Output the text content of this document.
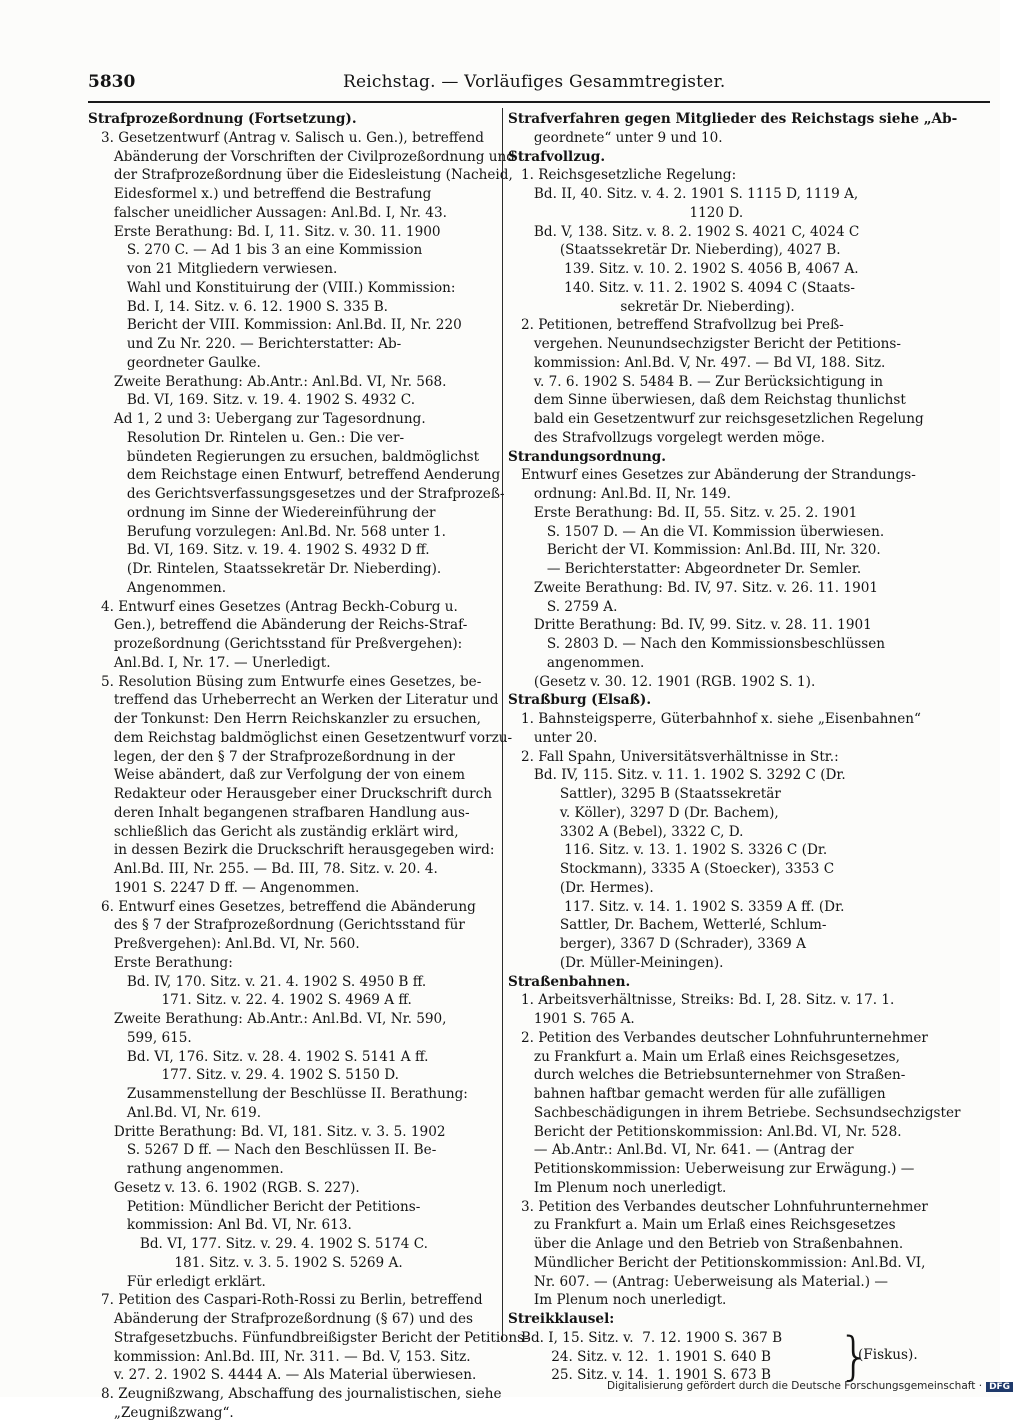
5830	Reichstag. — Vorläufiges Gesammtregister.
Strafprozeßordnung (Fortsetzung).
3. Gesetzentwurf (Antrag v. Salisch u. Gen.), betreffend
Abänderung der Vorschriften der Civilprozeßordnung und
der Strafprozeßordnung über die Eidesleistung (Nacheid,
Eidesformel x.) und betreffend die Bestrafung
falscher uneidlicher Aussagen: Anl.Bd. I, Nr. 43.
Erste Berathung: Bd. I, 11. Sitz. v. 30. 11. 1900
S. 270 C. — Ad 1 bis 3 an eine Kommission
von 21 Mitgliedern verwiesen.
Wahl und Konstituirung der (VIII.) Kommission:
Bd. I, 14. Sitz. v. 6. 12. 1900 S. 335 B.
Bericht der VIII. Kommission: Anl.Bd. II, Nr. 220
und Zu Nr. 220. — Berichterstatter: Ab-
geordneter Gaulke.
Zweite Berathung: Ab.Antr.: Anl.Bd. VI, Nr. 568.
Bd. VI, 169. Sitz. v. 19. 4. 1902 S. 4932 C.
Ad 1, 2 und 3: Uebergang zur Tagesordnung.
Resolution Dr. Rintelen u. Gen.: Die ver-
bündeten Regierungen zu ersuchen, baldmöglichst
dem Reichstage einen Entwurf, betreffend Aenderung
des Gerichtsverfassungsgesetzes und der Strafprozeß-
ordnung im Sinne der Wiedereinführung der
Berufung vorzulegen: Anl.Bd. Nr. 568 unter 1.
Bd. VI, 169. Sitz. v. 19. 4. 1902 S. 4932 D ff.
(Dr. Rintelen, Staatssekretär Dr. Nieberding).
Angenommen.
4. Entwurf eines Gesetzes (Antrag Beckh-Coburg u.
Gen.), betreffend die Abänderung der Reichs-Straf-
prozeßordnung (Gerichtsstand für Preßvergehen):
Anl.Bd. I, Nr. 17. — Unerledigt.
5. Resolution Büsing zum Entwurfe eines Gesetzes, be-
treffend das Urheberrecht an Werken der Literatur und
der Tonkunst: Den Herrn Reichskanzler zu ersuchen,
dem Reichstag baldmöglichst einen Gesetzentwurf vorzu-
legen, der den § 7 der Strafprozeßordnung in der
Weise abändert, daß zur Verfolgung der von einem
Redakteur oder Herausgeber einer Druckschrift durch
deren Inhalt begangenen strafbaren Handlung aus-
schließlich das Gericht als zuständig erklärt wird,
in dessen Bezirk die Druckschrift herausgegeben wird:
Anl.Bd. III, Nr. 255. — Bd. III, 78. Sitz. v. 20. 4.
1901 S. 2247 D ff. — Angenommen.
6. Entwurf eines Gesetzes, betreffend die Abänderung
des § 7 der Strafprozeßordnung (Gerichtsstand für
Preßvergehen): Anl.Bd. VI, Nr. 560.
Erste Berathung:
Bd. IV, 170. Sitz. v. 21. 4. 1902 S. 4950 B ff.
171. Sitz. v. 22. 4. 1902 S. 4969 A ff.
Zweite Berathung: Ab.Antr.: Anl.Bd. VI, Nr. 590,
599, 615.
Bd. VI, 176. Sitz. v. 28. 4. 1902 S. 5141 A ff.
177. Sitz. v. 29. 4. 1902 S. 5150 D.
Zusammenstellung der Beschlüsse II. Berathung:
Anl.Bd. VI, Nr. 619.
Dritte Berathung: Bd. VI, 181. Sitz. v. 3. 5. 1902
S. 5267 D ff. — Nach den Beschlüssen II. Be-
rathung angenommen.
Gesetz v. 13. 6. 1902 (RGB. S. 227).
Petition: Mündlicher Bericht der Petitions-
kommission: Anl Bd. VI, Nr. 613.
Bd. VI, 177. Sitz. v. 29. 4. 1902 S. 5174 C.
181. Sitz. v. 3. 5. 1902 S. 5269 A.
Für erledigt erklärt.
7. Petition des Caspari-Roth-Rossi zu Berlin, betreffend
Abänderung der Strafprozeßordnung (§ 67) und des
Strafgesetzbuchs. Fünfundbreißigster Bericht der Petitions-
kommission: Anl.Bd. III, Nr. 311. — Bd. V, 153. Sitz.
v. 27. 2. 1902 S. 4444 A. — Als Material überwiesen.
8. Zeugnißzwang, Abschaffung des journalistischen, siehe
„Zeugnißzwang“.
Strafverfahren gegen Mitglieder des Reichstags siehe „Ab-
geordnete“ unter 9 und 10.
Strafvollzug.
1. Reichsgesetzliche Regelung:
Bd. II, 40. Sitz. v. 4. 2. 1901 S. 1115 D, 1119 A,
1120 D.
Bd. V, 138. Sitz. v. 8. 2. 1902 S. 4021 C, 4024 C
(Staatssekretär Dr. Nieberding), 4027 B.
139. Sitz. v. 10. 2. 1902 S. 4056 B, 4067 A.
140. Sitz. v. 11. 2. 1902 S. 4094 C (Staats-
sekretär Dr. Nieberding).
2. Petitionen, betreffend Strafvollzug bei Preß-
vergehen. Neunundsechzigster Bericht der Petitions-
kommission: Anl.Bd. V, Nr. 497. — Bd VI, 188. Sitz.
v. 7. 6. 1902 S. 5484 B. — Zur Berücksichtigung in
dem Sinne überwiesen, daß dem Reichstag thunlichst
bald ein Gesetzentwurf zur reichsgesetzlichen Regelung
des Strafvollzugs vorgelegt werden möge.
Strandungsordnung.
Entwurf eines Gesetzes zur Abänderung der Strandungs-
ordnung: Anl.Bd. II, Nr. 149.
Erste Berathung: Bd. II, 55. Sitz. v. 25. 2. 1901
S. 1507 D. — An die VI. Kommission überwiesen.
Bericht der VI. Kommission: Anl.Bd. III, Nr. 320.
— Berichterstatter: Abgeordneter Dr. Semler.
Zweite Berathung: Bd. IV, 97. Sitz. v. 26. 11. 1901
S. 2759 A.
Dritte Berathung: Bd. IV, 99. Sitz. v. 28. 11. 1901
S. 2803 D. — Nach den Kommissionsbeschlüssen
angenommen.
(Gesetz v. 30. 12. 1901 (RGB. 1902 S. 1).
Straßburg (Elsaß).
1. Bahnsteigsperre, Güterbahnhof x. siehe „Eisenbahnen“
unter 20.
2. Fall Spahn, Universitätsverhältnisse in Str.:
Bd. IV, 115. Sitz. v. 11. 1. 1902 S. 3292 C (Dr.
Sattler), 3295 B (Staatssekretär
v. Köller), 3297 D (Dr. Bachem),
3302 A (Bebel), 3322 C, D.
116. Sitz. v. 13. 1. 1902 S. 3326 C (Dr.
Stockmann), 3335 A (Stoecker), 3353 C
(Dr. Hermes).
117. Sitz. v. 14. 1. 1902 S. 3359 A ff. (Dr.
Sattler, Dr. Bachem, Wetterlé, Schlum-
berger), 3367 D (Schrader), 3369 A
(Dr. Müller-Meiningen).
Straßenbahnen.
1. Arbeitsverhältnisse, Streiks: Bd. I, 28. Sitz. v. 17. 1.
1901 S. 765 A.
2. Petition des Verbandes deutscher Lohnfuhrunternehmer
zu Frankfurt a. Main um Erlaß eines Reichsgesetzes,
durch welches die Betriebsunternehmer von Straßen-
bahnen haftbar gemacht werden für alle zufälligen
Sachbeschädigungen in ihrem Betriebe. Sechsundsechzigster
Bericht der Petitionskommission: Anl.Bd. VI, Nr. 528.
— Ab.Antr.: Anl.Bd. VI, Nr. 641. — (Antrag der
Petitionskommission: Ueberweisung zur Erwägung.) —
Im Plenum noch unerledigt.
3. Petition des Verbandes deutscher Lohnfuhrunternehmer
zu Frankfurt a. Main um Erlaß eines Reichsgesetzes
über die Anlage und den Betrieb von Straßenbahnen.
Mündlicher Bericht der Petitionskommission: Anl.Bd. VI,
Nr. 607. — (Antrag: Ueberweisung als Material.) —
Im Plenum noch unerledigt.
Streikklausel:
Bd. I, 15. Sitz. v.  7. 12. 1900 S. 367 B
24. Sitz. v. 12.  1. 1901 S. 640 B
25. Sitz. v. 14.  1. 1901 S. 673 B	}
(Fiskus).
Digitalisierung gefördert durch die Deutsche Forschungsgemeinschaft · DFG
